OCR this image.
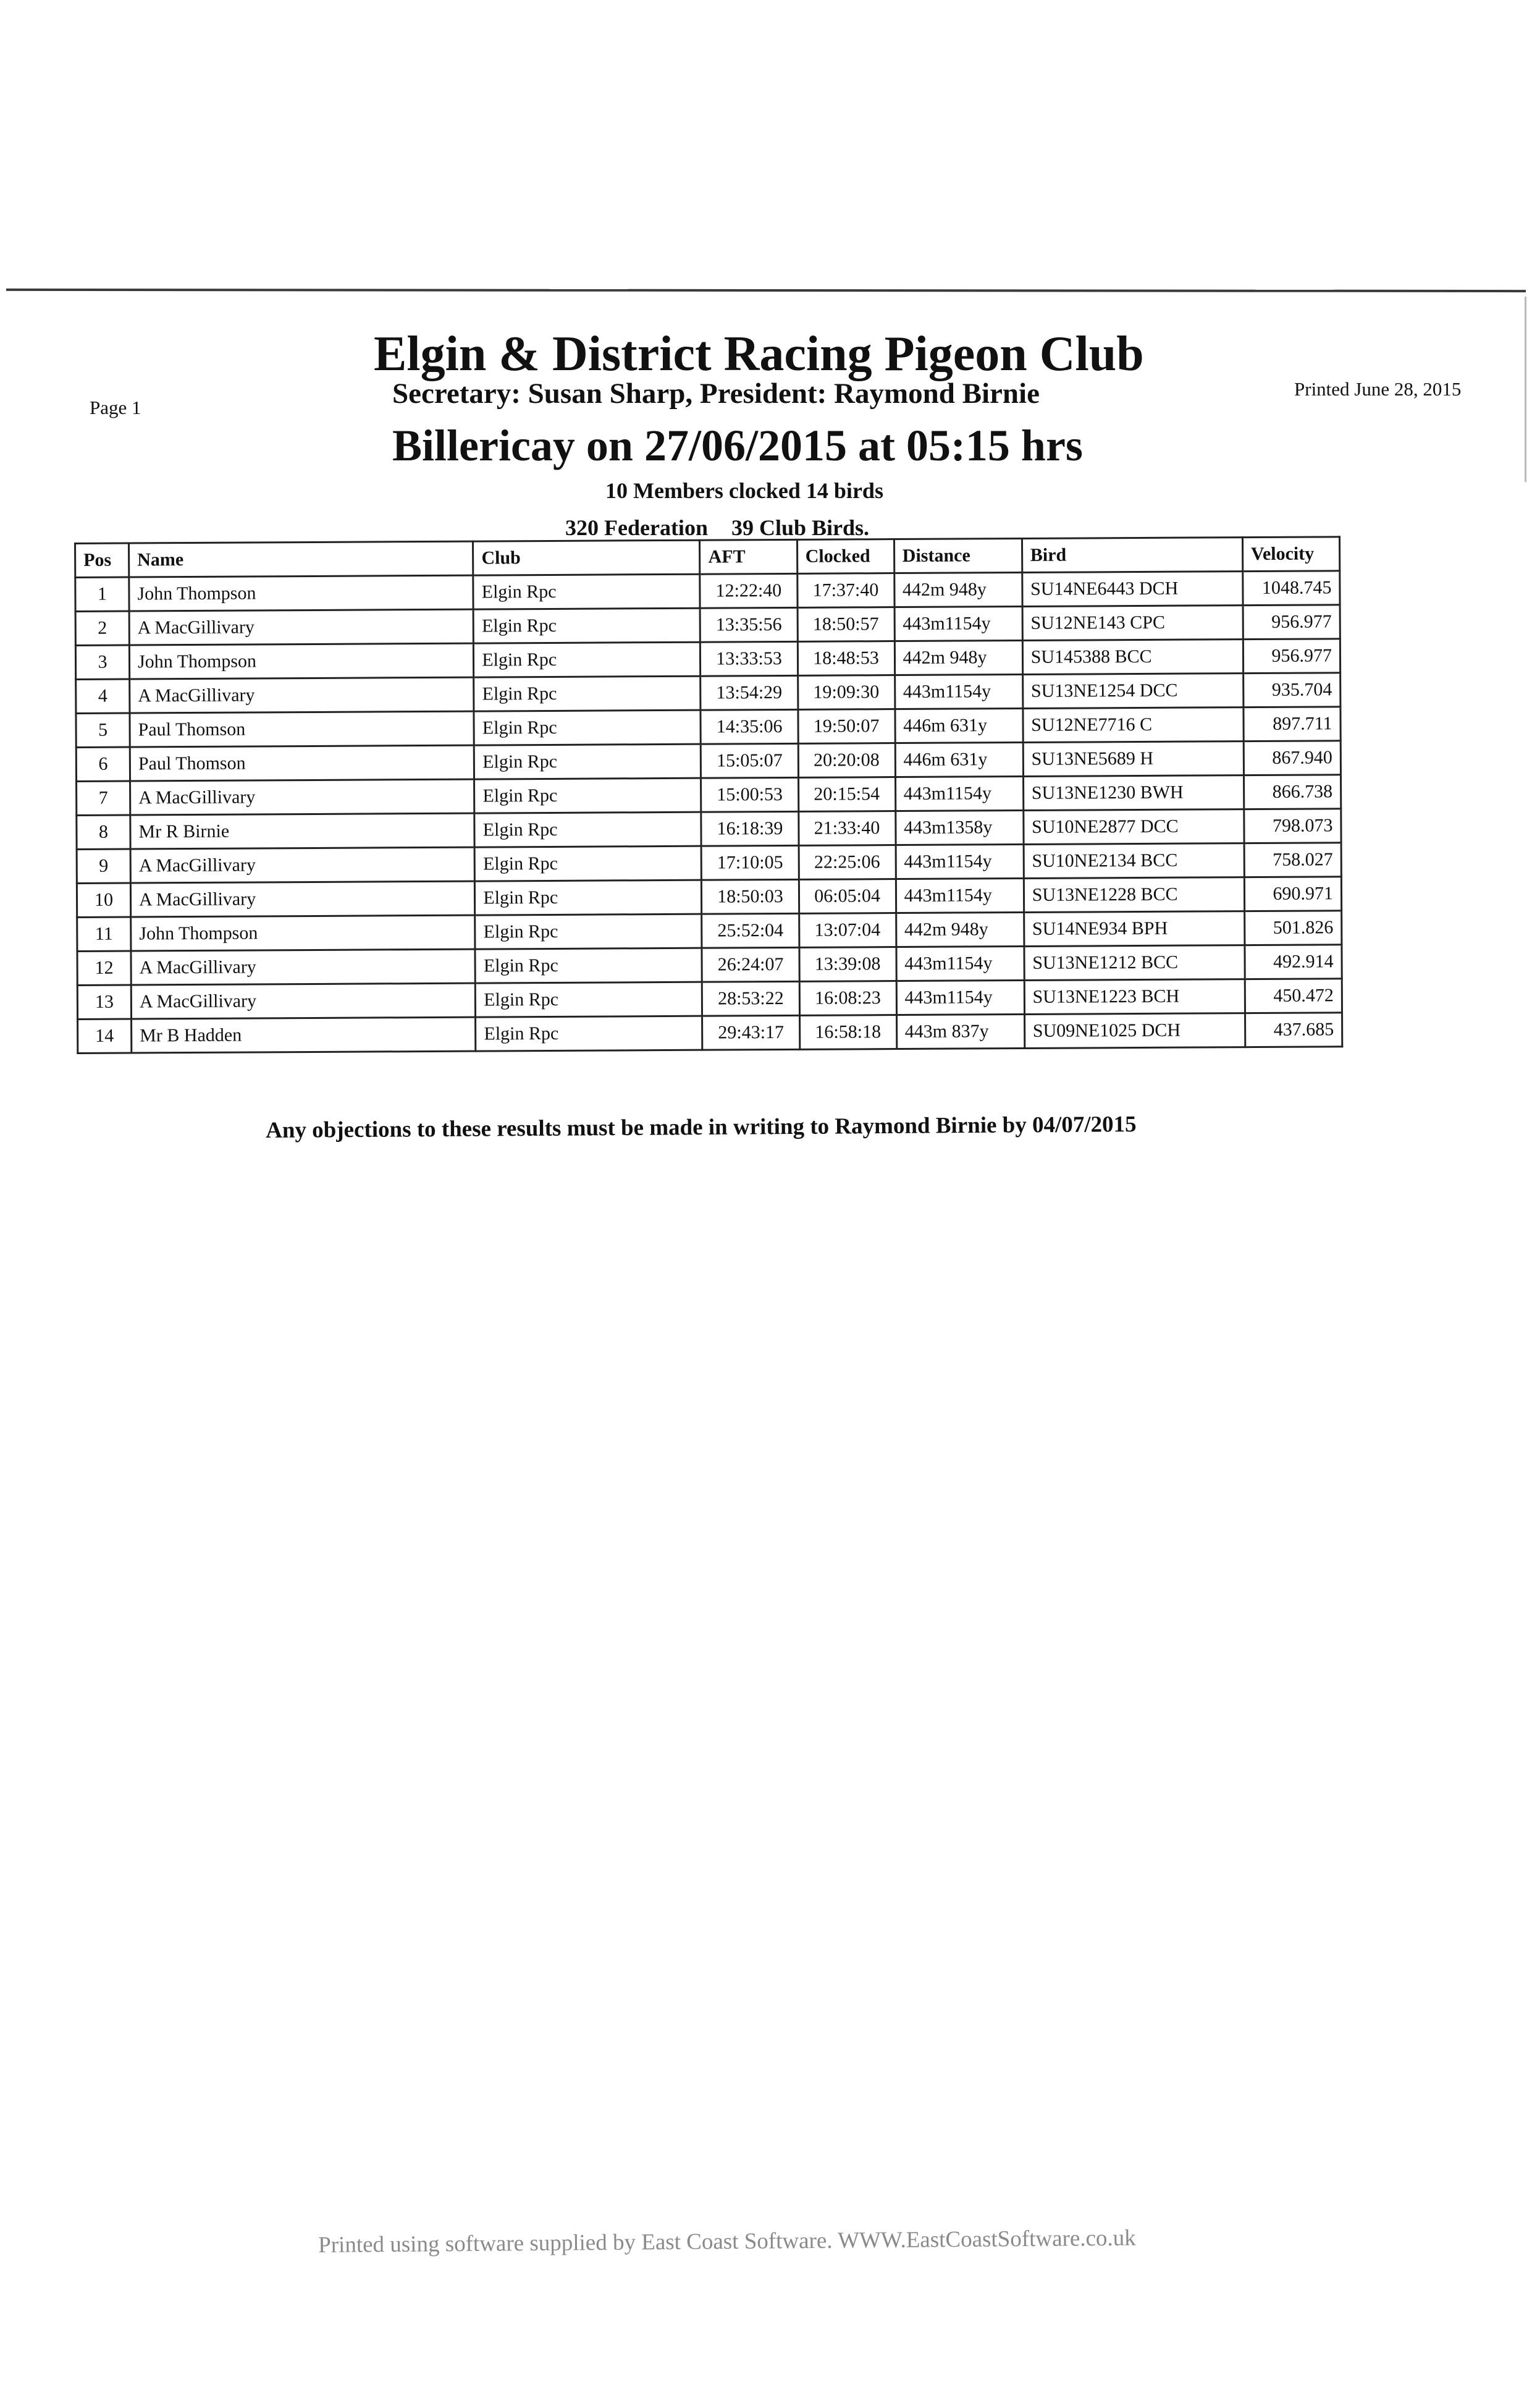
Page 1
Printed June 28, 2015
Elgin & District Racing Pigeon Club
Secretary: Susan Sharp, President: Raymond Birnie
Billericay on 27/06/2015 at 05:15 hrs
10 Members clocked 14 birds
320 Federation 39 Club Birds.
Pos	Name	Club	AFT	Clocked	Distance	Bird	Velocity
1	John Thompson	Elgin Rpc	12:22:40	17:37:40	442m 948y	SU14NE6443 DCH	1048.745
2	A MacGillivary	Elgin Rpc	13:35:56	18:50:57	443m1154y	SU12NE143 CPC	956.977
3	John Thompson	Elgin Rpc	13:33:53	18:48:53	442m 948y	SU145388 BCC	956.977
4	A MacGillivary	Elgin Rpc	13:54:29	19:09:30	443m1154y	SU13NE1254 DCC	935.704
5	Paul Thomson	Elgin Rpc	14:35:06	19:50:07	446m 631y	SU12NE7716 C	897.711
6	Paul Thomson	Elgin Rpc	15:05:07	20:20:08	446m 631y	SU13NE5689 H	867.940
7	A MacGillivary	Elgin Rpc	15:00:53	20:15:54	443m1154y	SU13NE1230 BWH	866.738
8	Mr R Birnie	Elgin Rpc	16:18:39	21:33:40	443m1358y	SU10NE2877 DCC	798.073
9	A MacGillivary	Elgin Rpc	17:10:05	22:25:06	443m1154y	SU10NE2134 BCC	758.027
10	A MacGillivary	Elgin Rpc	18:50:03	06:05:04	443m1154y	SU13NE1228 BCC	690.971
11	John Thompson	Elgin Rpc	25:52:04	13:07:04	442m 948y	SU14NE934 BPH	501.826
12	A MacGillivary	Elgin Rpc	26:24:07	13:39:08	443m1154y	SU13NE1212 BCC	492.914
13	A MacGillivary	Elgin Rpc	28:53:22	16:08:23	443m1154y	SU13NE1223 BCH	450.472
14	Mr B Hadden	Elgin Rpc	29:43:17	16:58:18	443m 837y	SU09NE1025 DCH	437.685
Any objections to these results must be made in writing to Raymond Birnie by 04/07/2015
Printed using software supplied by East Coast Software. WWW.EastCoastSoftware.co.uk
